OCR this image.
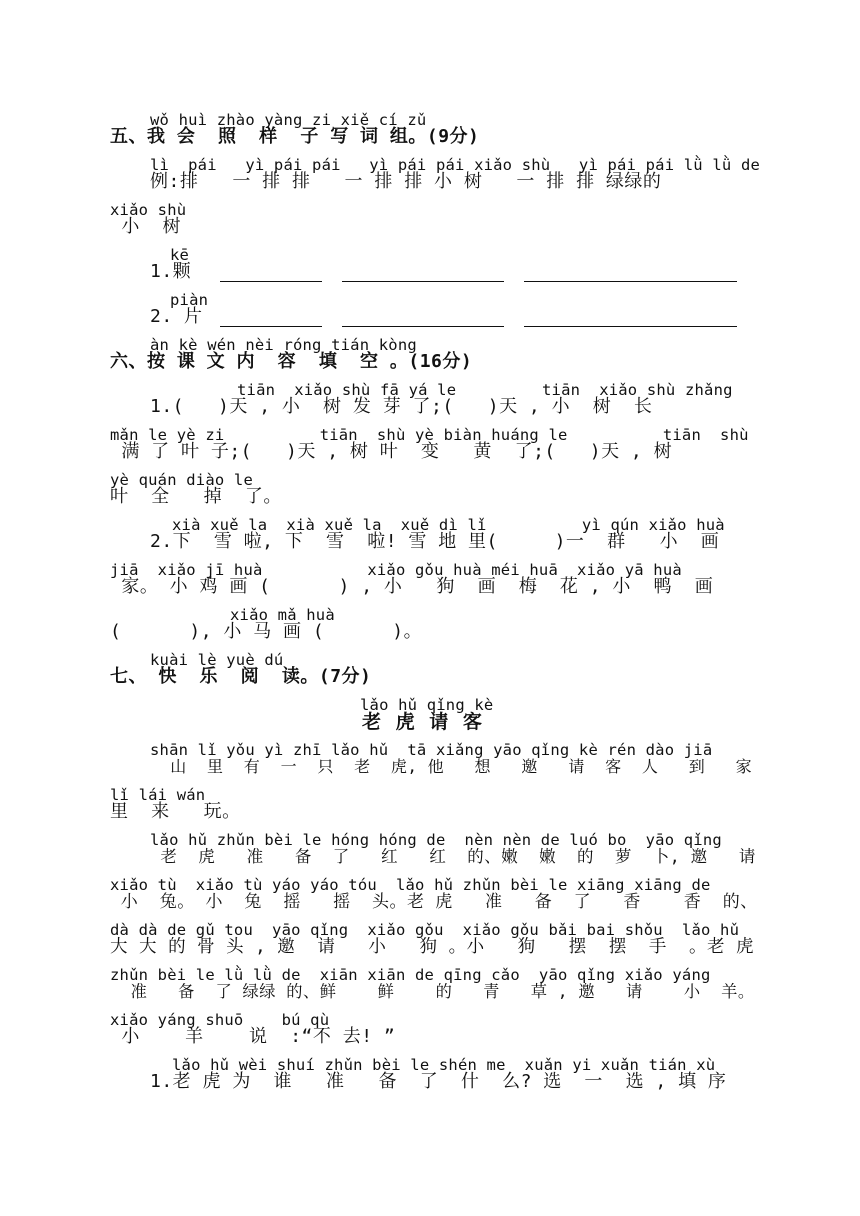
wǒ huì zhào yàng zi xiě cí zǔ
五、我 会  照  样  子 写 词 组。(9分)
lì  pái   yì pái pái   yì pái pái xiǎo shù   yì pái pái lǜ lǜ de
例:排   一 排 排   一 排 排 小 树   一 排 排 绿绿的
xiǎo shù
小  树
kē
1.颗
piàn
2. 片
àn kè wén nèi róng tián kòng
六、按 课 文 内  容  填  空 。(16分)
tiān  xiǎo shù fā yá le         tiān  xiǎo shù zhǎng
1.(   )天 , 小  树 发 芽 了;(   )天 , 小  树  长
mǎn le yè zi          tiān  shù yè biàn huáng le          tiān  shù
满 了 叶 子;(   )天 , 树 叶  变   黄  了;(   )天 , 树
yè quán diào le
叶  全   掉  了。
xià xuě la  xià xuě la  xuě dì lǐ          yì qún xiǎo huà
2.下  雪 啦, 下  雪  啦! 雪 地 里(     )一  群   小  画
jiā  xiǎo jī huà           xiǎo gǒu huà méi huā  xiǎo yā huà
家。 小 鸡 画 (      ) , 小   狗  画  梅  花 , 小  鸭  画
xiǎo mǎ huà
(      ), 小 马 画 (      )。
kuài lè yuè dú
七、 快  乐  阅  读。(7分)
lǎo hǔ qǐng kè
老 虎 请 客
shān lǐ yǒu yì zhī lǎo hǔ  tā xiǎng yāo qǐng kè rén dào jiā
山  里  有  一  只  老  虎, 他   想   邀   请  客  人   到   家
lǐ lái wán
里  来   玩。
lǎo hǔ zhǔn bèi le hóng hóng de  nèn nèn de luó bo  yāo qǐng
老  虎   准   备  了   红   红  的、嫩  嫩  的  萝  卜, 邀   请
xiǎo tù  xiǎo tù yáo yáo tóu  lǎo hǔ zhǔn bèi le xiāng xiāng de
小  兔。 小  兔  摇   摇  头。老 虎   准   备  了   香    香  的、
dà dà de gǔ tou  yāo qǐng  xiǎo gǒu  xiǎo gǒu bǎi bai shǒu  lǎo hǔ
大 大 的 骨 头 , 邀  请   小   狗 。小   狗   摆  摆  手  。老 虎
zhǔn bèi le lǜ lǜ de  xiān xiān de qīng cǎo  yāo qǐng xiǎo yáng
准   备  了 绿绿 的、鲜    鲜    的   青   草 , 邀   请    小  羊。
xiǎo yáng shuō    bú qù
小    羊    说  :“不 去! ”
lǎo hǔ wèi shuí zhǔn bèi le shén me  xuǎn yi xuǎn tián xù
1.老 虎 为  谁   准   备  了  什  么? 选  一  选 , 填 序
